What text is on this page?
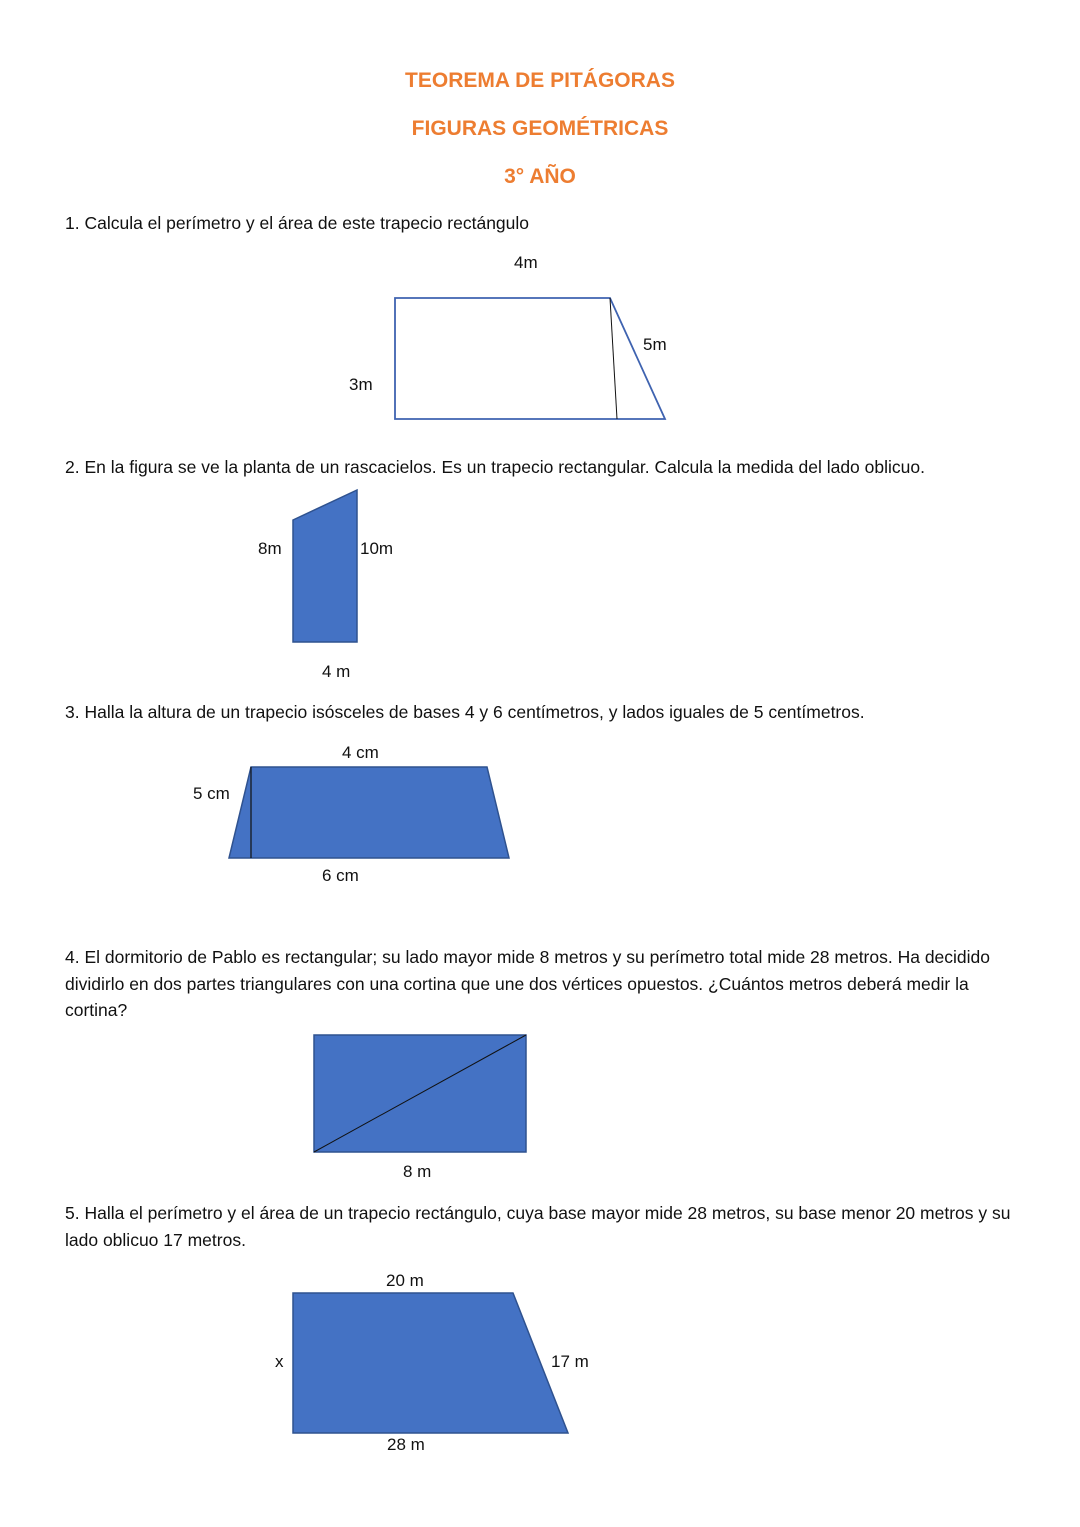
TEOREMA DE PITÁGORAS
FIGURAS GEOMÉTRICAS
3° AÑO

1. Calcula el perímetro y el área de este trapecio rectángulo

4m
3m
5m

2. En la figura se ve la planta de un rascacielos. Es un trapecio rectangular. Calcula la medida del lado oblicuo.

8m	10m
4 m

3. Halla la altura de un trapecio isósceles de bases 4 y 6 centímetros, y lados iguales de 5 centímetros.

4 cm
5 cm
6 cm

4. El dormitorio de Pablo es rectangular; su lado mayor mide 8 metros y su perímetro total mide 28 metros. Ha decidido dividirlo en dos partes triangulares con una cortina que une dos vértices opuestos. ¿Cuántos metros deberá medir la cortina?

8 m

5. Halla el perímetro y el área de un trapecio rectángulo, cuya base mayor mide 28 metros, su base menor 20 metros y su lado oblicuo 17 metros.

20 m
x	17 m
28 m
